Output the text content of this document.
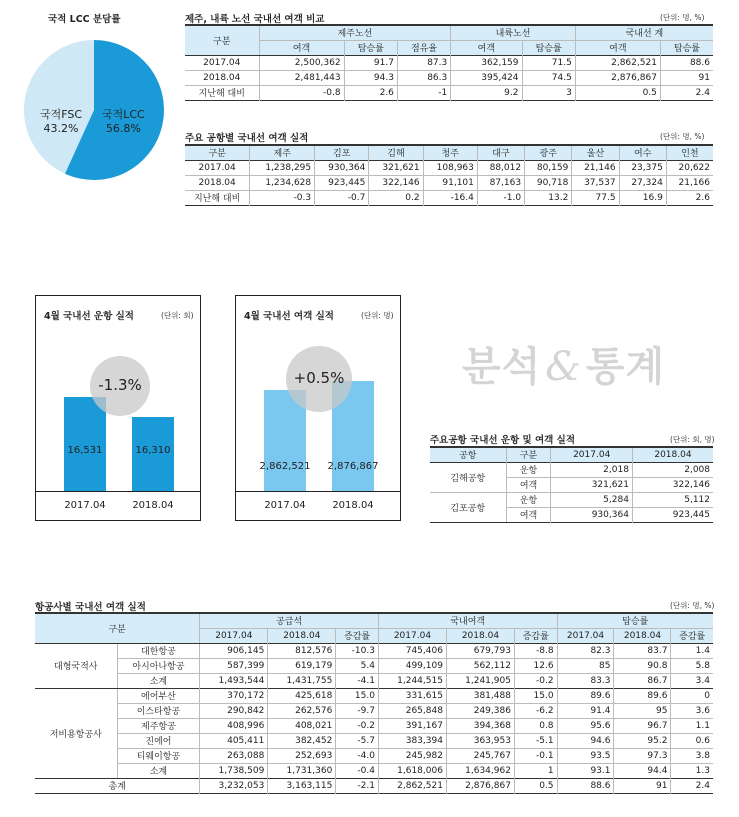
국적 LCC 분담률
국적FSC
43.2%
국적LCC
56.8%
제주, 내륙 노선 국내선 여객 비교	(단위: 명, %)
구분	제주노선			내륙노선		국내선 계	
	여객	탑승률	점유율	여객	탑승률	여객	탑승률
2017.04	2,500,362	91.7	87.3	362,159	71.5	2,862,521	88.6
2018.04	2,481,443	94.3	86.3	395,424	74.5	2,876,867	91
지난해 대비	-0.8	2.6	-1	9.2	3	0.5	2.4
주요 공항별 국내선 여객 실적	(단위: 명, %)
구분	제주	김포	김해	청주	대구	광주	울산	여수	인천
2017.04	1,238,295	930,364	321,621	108,963	88,012	80,159	21,146	23,375	20,622
2018.04	1,234,628	923,445	322,146	91,101	87,163	90,718	37,537	27,324	21,166
지난해 대비	-0.3	-0.7	0.2	-16.4	-1.0	13.2	77.5	16.9	2.6
4월 국내선 운항 실적	(단위: 회)
-1.3%
16,531	16,310
2017.04	2018.04
4월 국내선 여객 실적	(단위: 명)
+0.5%
2,862,521	2,876,867
2017.04	2018.04
분석 & 통계
주요공항 국내선 운항 및 여객 실적	(단위: 회, 명)
공항	구분	2017.04	2018.04
김해공항	운항	2,018	2,008
	여객	321,621	322,146
김포공항	운항	5,284	5,112
	여객	930,364	923,445
항공사별 국내선 여객 실적	(단위: 명, %)
구분		공급석			국내여객			탑승률		
		2017.04	2018.04	증감률	2017.04	2018.04	증감률	2017.04	2018.04	증감률
대형국적사	대한항공	906,145	812,576	-10.3	745,406	679,793	-8.8	82.3	83.7	1.4
	아시아나항공	587,399	619,179	5.4	499,109	562,112	12.6	85	90.8	5.8
	소계	1,493,544	1,431,755	-4.1	1,244,515	1,241,905	-0.2	83.3	86.7	3.4
저비용항공사	에어부산	370,172	425,618	15.0	331,615	381,488	15.0	89.6	89.6	0
	이스타항공	290,842	262,576	-9.7	265,848	249,386	-6.2	91.4	95	3.6
	제주항공	408,996	408,021	-0.2	391,167	394,368	0.8	95.6	96.7	1.1
	진에어	405,411	382,452	-5.7	383,394	363,953	-5.1	94.6	95.2	0.6
	티웨이항공	263,088	252,693	-4.0	245,982	245,767	-0.1	93.5	97.3	3.8
	소계	1,738,509	1,731,360	-0.4	1,618,006	1,634,962	1	93.1	94.4	1.3
총계		3,232,053	3,163,115	-2.1	2,862,521	2,876,867	0.5	88.6	91	2.4
